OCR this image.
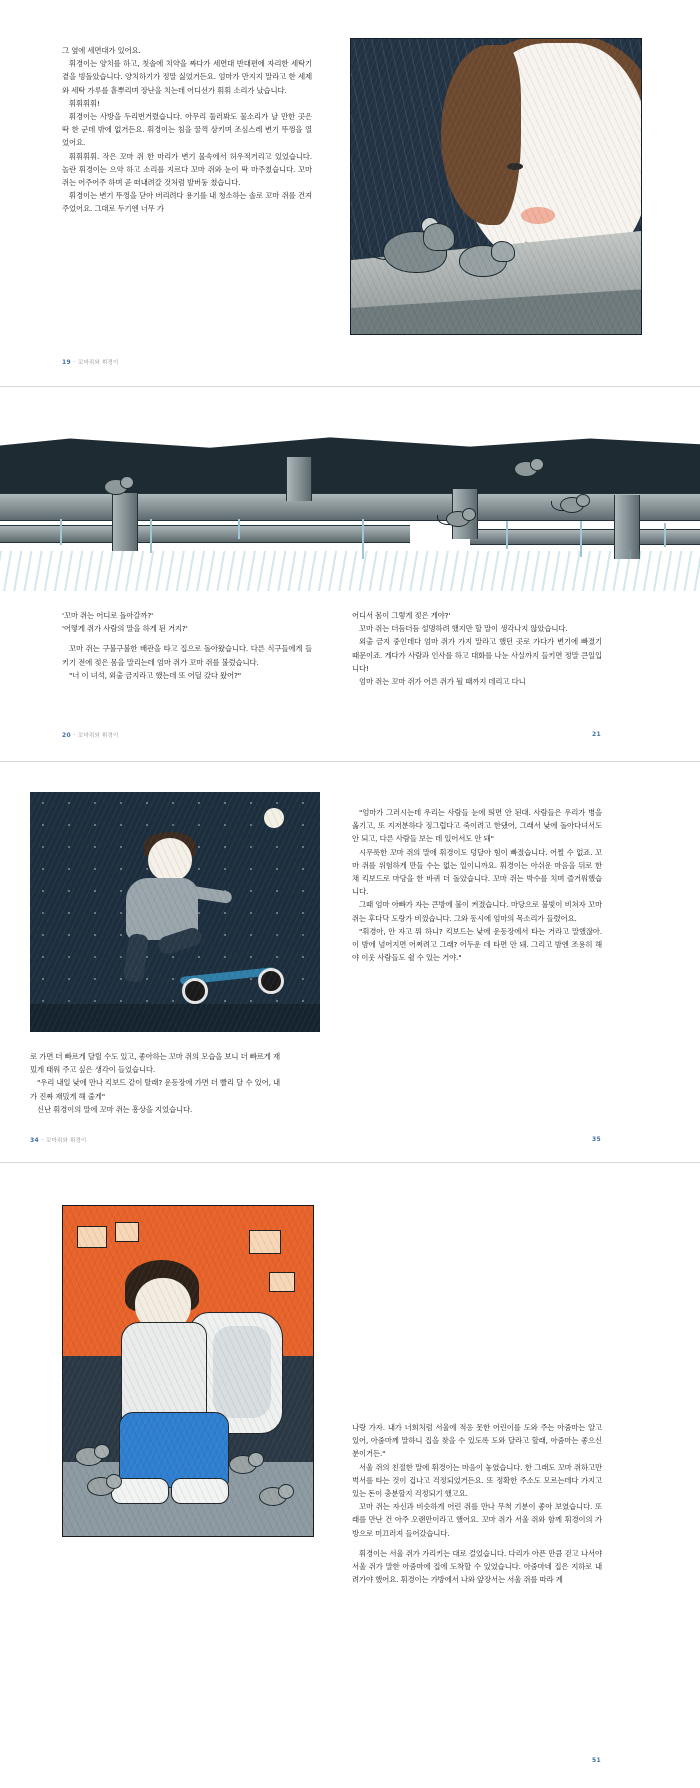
그 옆에 세면대가 있어요.

휘경이는 양치를 하고, 칫솔에 치약을 짜다가 세면대 반대편에 자리한 세탁기 곁을 빙돌았습니다. 양치하기가 정말 싫었거든요. 엄마가 만지지 말라고 한 세제와 세탁 가루를 흩뿌리며 장난을 치는데 어디선가 휘휘 소리가 났습니다.

휘휘휘휘!

휘경이는 사방을 두리번거렸습니다. 아무리 둘러봐도 물소리가 날 만한 곳은 딱 한 군데 밖에 없거든요. 휘경이는 침을 꿀꺽 삼키며 조심스레 변기 뚜껑을 열었어요.

휘휘휘휘. 작은 꼬마 쥐 한 마리가 변기 물속에서 허우적거리고 있었습니다. 놀란 휘경이는 으악 하고 소리를 지르다 꼬마 쥐와 눈이 딱 마주쳤습니다. 꼬마 쥐는 어주어주 하며 곧 떠내려갈 것처럼 발버둥 쳤습니다.

휘경이는 변기 뚜껑을 닫아 버리려다 용기를 내 청소하는 솔로 꼬마 쥐를 건져 주었어요. 그대로 두기엔 너무 가

19 · 꼬마쥐와 휘경이

'꼬마 쥐는 어디로 돌아갈까?'

'어떻게 쥐가 사람의 말을 하게 된 거지?'

꼬마 쥐는 구불구불한 배관을 타고 집으로 돌아왔습니다. 다른 식구들에게 들키기 전에 젖은 몸을 말리는데 엄마 쥐가 꼬마 쥐를 불렀습니다.

"너 이 녀석, 외출 금지라고 했는데 또 어딜 갔다 왔어?"

어디서 몸이 그렇게 젖은 게야?'

꼬마 쥐는 더듬더듬 설명하려 했지만 할 말이 생각나지 않았습니다.

외출 금지 중인데다 엄마 쥐가 가지 말라고 했던 곳로 가다가 변기에 빠졌기 때문이죠. 게다가 사람과 인사를 하고 대화를 나눈 사실까지 들키면 정말 큰일입니다!

엄마 쥐는 꼬마 쥐가 어른 쥐가 될 때까지 데리고 다니

20 · 꼬마쥐와 휘경이	21

로 가면 더 빠르게 달릴 수도 있고, 좋아하는 꼬마 쥐의 모습을 보니 더 빠르게 재밌게 태워 주고 싶은 생각이 들었습니다.

"우리 내일 낮에 만나 킥보드 같이 탈래? 운동장에 가면 더 빨리 달 수 있어, 내가 진짜 재밌게 해 줄게"

신난 휘경이의 말에 꼬마 쥐는 흥상을 지었습니다.

"엄마가 그러시는데 우리는 사람들 눈에 띄면 안 된대. 사람들은 우리가 병을 옮기고, 또 지저분하다 징그럽다고 죽이려고 한댔어, 그래서 낮에 돌아다녀서도 안 되고, 다른 사람들 보는 데 있어서도 안 돼"

시무룩한 꼬마 쥐의 말에 휘경이도 덩달아 힘이 빠졌습니다. 어쩔 수 없죠. 꼬마 쥐를 위험하게 만들 수는 없는 일이니까요. 휘경이는 아쉬운 마음을 뒤로 한 채 킥보드로 마당을 한 바퀴 더 돌았습니다. 꼬마 쥐는 박수를 치며 즐거워했습니다.

그때 엄마 아빠가 자는 큰방에 불이 켜졌습니다. 마당으로 불빛이 비쳐자 꼬마 쥐는 후다닥 도랑가 비껐습니다. 그와 동시에 엄마의 목소리가 들렸어요.

"휘경아, 안 자고 뭐 하니? 킥보드는 낮에 운동장에서 타는 거라고 말했잖아. 이 밤에 넘어지면 어쩌려고 그래? 어두운 데 타면 안 돼. 그리고 밤엔 조용히 해야 이웃 사람들도 쉴 수 있는 거야."

34 · 꼬마쥐와 휘경이	35

나랑 가자. 내가 너희처럼 서울에 적응 못한 어린이를 도와 주는 아줌마는 알고 있어, 아줌마께 말하니 집을 찾을 수 있도록 도와 달라고 할래, 아줌마는 좋으신 분이거든."

서울 쥐의 친절한 말에 휘경이는 마음이 놓였습니다. 한 그래도 꼬마 쥐하고만 벅서를 타는 것이 겁나고 걱정되었거든요. 또 정확한 주소도 모르는데다 가지고 있는 돈이 충분할지 걱정되기 했고요.

꼬마 쥐는 자신과 비슷하게 어린 쥐를 만나 무척 기분이 좋아 보였습니다. 또래를 만난 건 아주 오랜만이라고 했어요. 꼬마 쥐가 서울 쥐와 함께 휘경이의 가방으로 미끄러져 들어갔습니다.

휘경이는 서울 쥐가 가리키는 대로 걸었습니다. 다리가 아픈 만큼 걷고 나서야 서울 쥐가 말한 아줌마에 집에 도착할 수 있었습니다. 아줌마네 집은 지하로 내려가야 했어요. 휘경이는 가방에서 나와 앞장서는 서울 쥐를 따라 계

51
